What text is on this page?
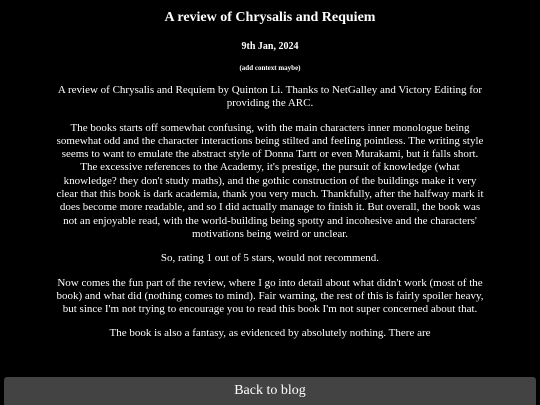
A review of Chrysalis and Requiem
9th Jan, 2024
(add context maybe)

A review of Chrysalis and Requiem by Quinton Li. Thanks to NetGalley and Victory Editing for providing the ARC.

The books starts off somewhat confusing, with the main characters inner monologue being somewhat odd and the character interactions being stilted and feeling pointless. The writing style seems to want to emulate the abstract style of Donna Tartt or even Murakami, but it falls short. The excessive references to the Academy, it's prestige, the pursuit of knowledge (what knowledge? they don't study maths), and the gothic construction of the buildings make it very clear that this book is dark academia, thank you very much. Thankfully, after the halfway mark it does become more readable, and so I did actually manage to finish it. But overall, the book was not an enjoyable read, with the world-building being spotty and incohesive and the characters' motivations being weird or unclear.

So, rating 1 out of 5 stars, would not recommend.

Now comes the fun part of the review, where I go into detail about what didn't work (most of the book) and what did (nothing comes to mind). Fair warning, the rest of this is fairly spoiler heavy, but since I'm not trying to encourage you to read this book I'm not super concerned about that.

The book is also a fantasy, as evidenced by absolutely nothing. There are

Back to blog
